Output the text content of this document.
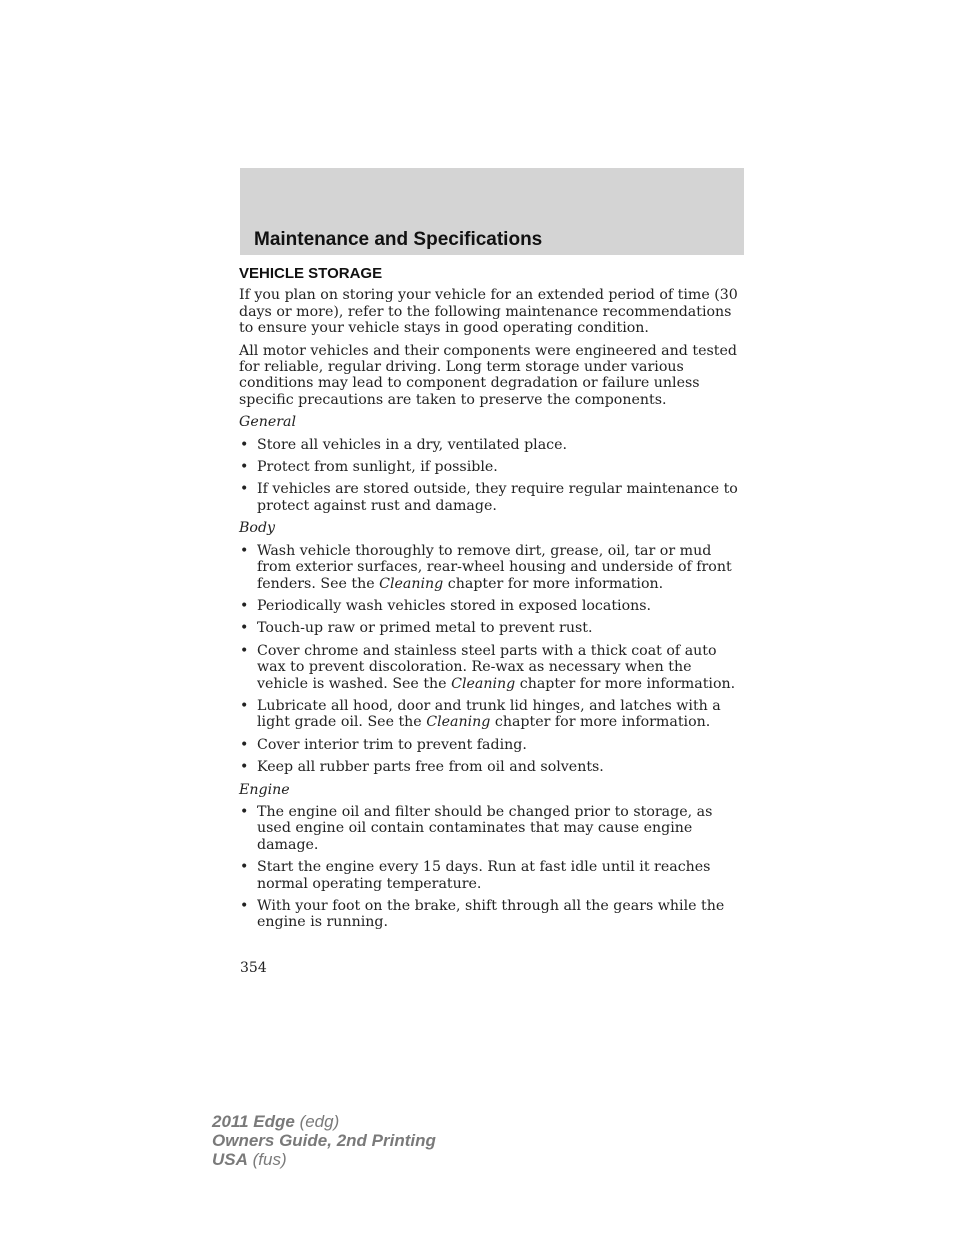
Maintenance and Specifications
VEHICLE STORAGE

If you plan on storing your vehicle for an extended period of time (30 days or more), refer to the following maintenance recommendations to ensure your vehicle stays in good operating condition.

All motor vehicles and their components were engineered and tested for reliable, regular driving. Long term storage under various conditions may lead to component degradation or failure unless specific precautions are taken to preserve the components.

General

• Store all vehicles in a dry, ventilated place.
• Protect from sunlight, if possible.
• If vehicles are stored outside, they require regular maintenance to protect against rust and damage.

Body

• Wash vehicle thoroughly to remove dirt, grease, oil, tar or mud from exterior surfaces, rear-wheel housing and underside of front fenders. See the Cleaning chapter for more information.
• Periodically wash vehicles stored in exposed locations.
• Touch-up raw or primed metal to prevent rust.
• Cover chrome and stainless steel parts with a thick coat of auto wax to prevent discoloration. Re-wax as necessary when the vehicle is washed. See the Cleaning chapter for more information.
• Lubricate all hood, door and trunk lid hinges, and latches with a light grade oil. See the Cleaning chapter for more information.
• Cover interior trim to prevent fading.
• Keep all rubber parts free from oil and solvents.

Engine

• The engine oil and filter should be changed prior to storage, as used engine oil contain contaminates that may cause engine damage.
• Start the engine every 15 days. Run at fast idle until it reaches normal operating temperature.
• With your foot on the brake, shift through all the gears while the engine is running.
354
2011 Edge (edg)
Owners Guide, 2nd Printing
USA (fus)
